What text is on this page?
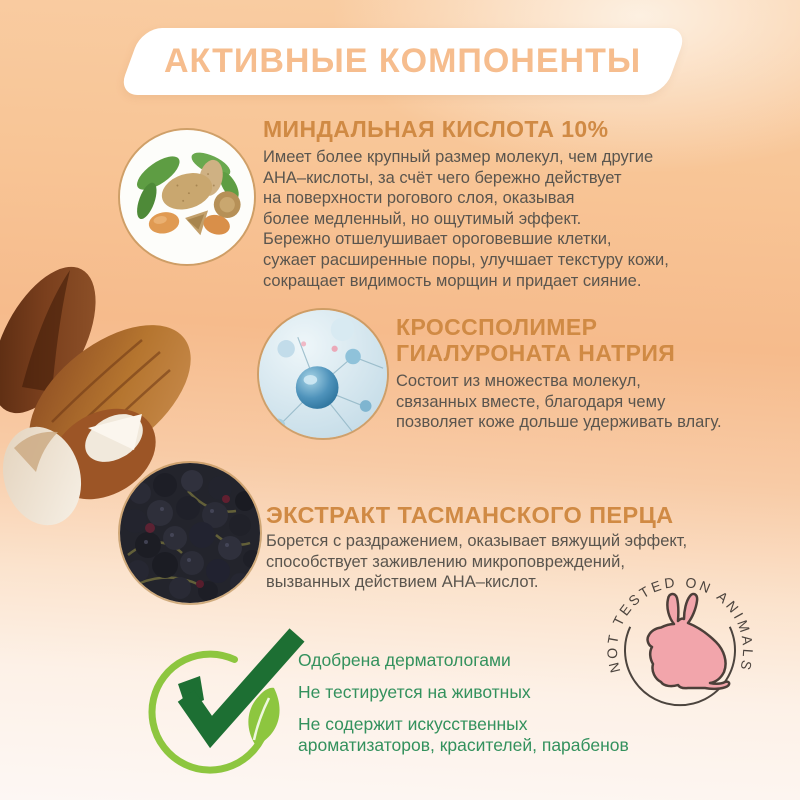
АКТИВНЫЕ КОМПОНЕНТЫ
МИНДАЛЬНАЯ КИСЛОТА 10%
Имеет более крупный размер молекул, чем другие
АНА–кислоты, за счёт чего бережно действует
на поверхности рогового слоя, оказывая
более медленный, но ощутимый эффект.
Бережно отшелушивает ороговевшие клетки,
сужает расширенные поры, улучшает текстуру кожи,
сокращает видимость морщин и придает сияние.
КРОССПОЛИМЕР
ГИАЛУРОНАТА НАТРИЯ
Состоит из множества молекул,
связанных вместе, благодаря чему
позволяет коже дольше удерживать влагу.
ЭКСТРАКТ ТАСМАНСКОГО ПЕРЦА
Борется с раздражением, оказывает вяжущий эффект,
способствует заживлению микроповреждений,
вызванных действием АНА–кислот.
Одобрена дерматологами
Не тестируется на животных
Не содержит искусственных
ароматизаторов, красителей, парабенов
NOT TESTED ON ANIMALS
